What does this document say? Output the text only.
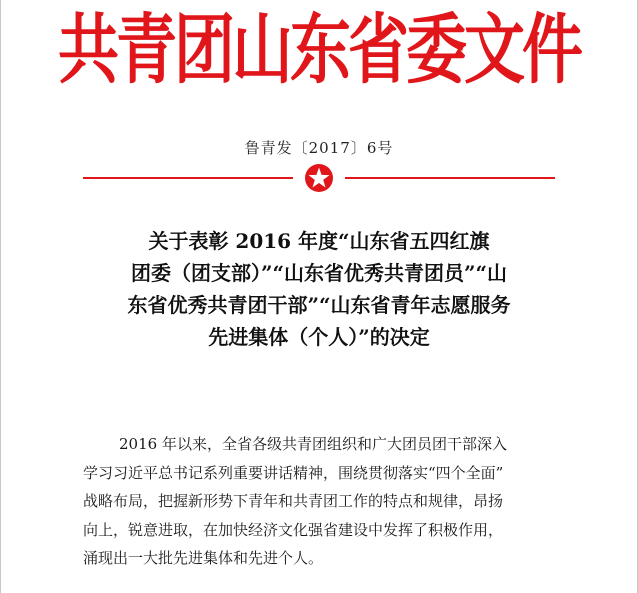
共青团山东省委文件
鲁青发〔2017〕6号
关于表彰 2016 年度“山东省五四红旗
团委（团支部）”“山东省优秀共青团员”“山
东省优秀共青团干部”“山东省青年志愿服务
先进集体（个人）”的决定
2016 年以来，全省各级共青团组织和广大团员团干部深入
学习习近平总书记系列重要讲话精神，围绕贯彻落实“四个全面”
战略布局，把握新形势下青年和共青团工作的特点和规律，昂扬
向上，锐意进取，在加快经济文化强省建设中发挥了积极作用，
涌现出一大批先进集体和先进个人。
